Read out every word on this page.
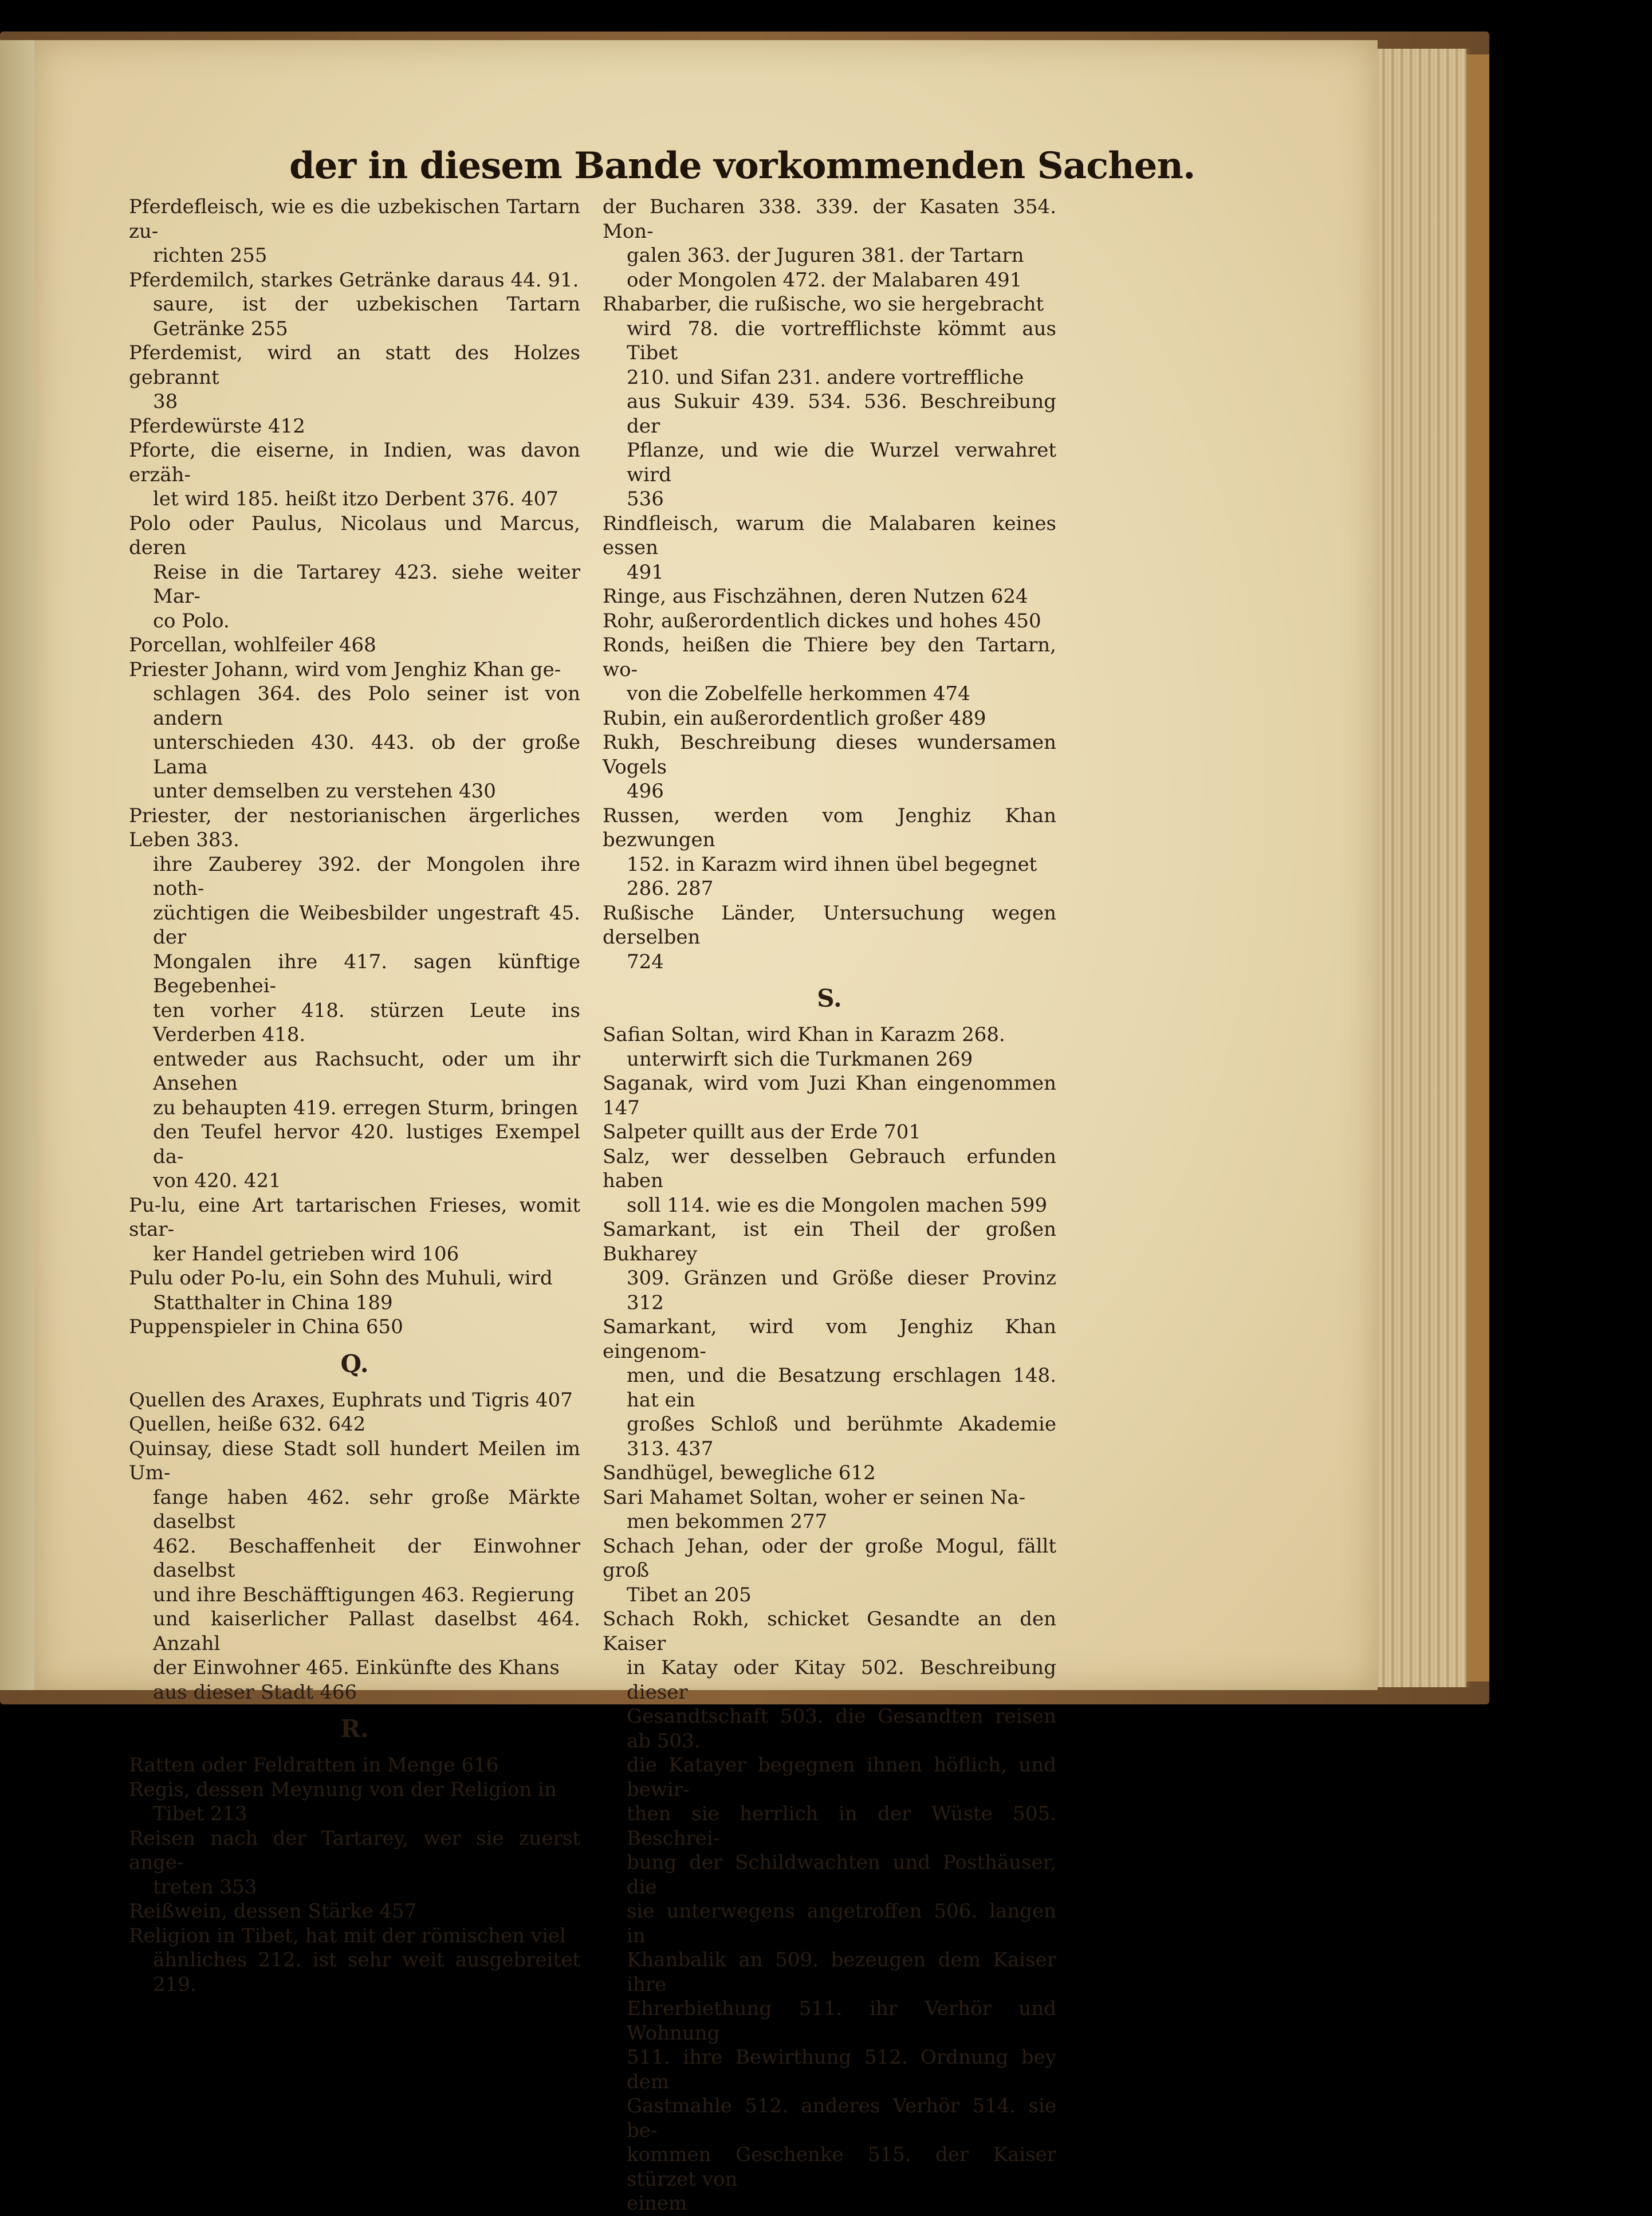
der in diesem Bande vorkommenden Sachen.

Pferdefleisch, wie es die uzbekischen Tartarn zu-

richten 255

Pferdemilch, starkes Getränke daraus 44. 91.

saure, ist der uzbekischen Tartarn Getränke 255

Pferdemist, wird an statt des Holzes gebrannt

38

Pferdewürste 412

Pforte, die eiserne, in Indien, was davon erzäh-

let wird 185. heißt itzo Derbent 376. 407

Polo oder Paulus, Nicolaus und Marcus, deren

Reise in die Tartarey 423. siehe weiter Mar-

co Polo.

Porcellan, wohlfeiler 468

Priester Johann, wird vom Jenghiz Khan ge-

schlagen 364. des Polo seiner ist von andern

unterschieden 430. 443. ob der große Lama

unter demselben zu verstehen 430

Priester, der nestorianischen ärgerliches Leben 383.

ihre Zauberey 392. der Mongolen ihre noth-

züchtigen die Weibesbilder ungestraft 45. der

Mongalen ihre 417. sagen künftige Begebenhei-

ten vorher 418. stürzen Leute ins Verderben 418.

entweder aus Rachsucht, oder um ihr Ansehen

zu behaupten 419. erregen Sturm, bringen

den Teufel hervor 420. lustiges Exempel da-

von 420. 421

Pu-lu, eine Art tartarischen Frieses, womit star-

ker Handel getrieben wird 106

Pulu oder Po-lu, ein Sohn des Muhuli, wird

Statthalter in China 189

Puppenspieler in China 650

Q.

Quellen des Araxes, Euphrats und Tigris 407

Quellen, heiße 632. 642

Quinsay, diese Stadt soll hundert Meilen im Um-

fange haben 462. sehr große Märkte daselbst

462. Beschaffenheit der Einwohner daselbst

und ihre Beschäfftigungen 463. Regierung

und kaiserlicher Pallast daselbst 464. Anzahl

der Einwohner 465. Einkünfte des Khans

aus dieser Stadt 466

R.

Ratten oder Feldratten in Menge 616

Regis, dessen Meynung von der Religion in

Tibet 213

Reisen nach der Tartarey, wer sie zuerst ange-

treten 353

Reißwein, dessen Stärke 457

Religion in Tibet, hat mit der römischen viel

ähnliches 212. ist sehr weit ausgebreitet 219.

der Bucharen 338. 339. der Kasaten 354. Mon-

galen 363. der Juguren 381. der Tartarn

oder Mongolen 472. der Malabaren 491

Rhabarber, die rußische, wo sie hergebracht

wird 78. die vortrefflichste kömmt aus Tibet

210. und Sifan 231. andere vortreffliche

aus Sukuir 439. 534. 536. Beschreibung der

Pflanze, und wie die Wurzel verwahret wird

536

Rindfleisch, warum die Malabaren keines essen

491

Ringe, aus Fischzähnen, deren Nutzen 624

Rohr, außerordentlich dickes und hohes 450

Ronds, heißen die Thiere bey den Tartarn, wo-

von die Zobelfelle herkommen 474

Rubin, ein außerordentlich großer 489

Rukh, Beschreibung dieses wundersamen Vogels

496

Russen, werden vom Jenghiz Khan bezwungen

152. in Karazm wird ihnen übel begegnet

286. 287

Rußische Länder, Untersuchung wegen derselben

724

S.

Safian Soltan, wird Khan in Karazm 268.

unterwirft sich die Turkmanen 269

Saganak, wird vom Juzi Khan eingenommen 147

Salpeter quillt aus der Erde 701

Salz, wer desselben Gebrauch erfunden haben

soll 114. wie es die Mongolen machen 599

Samarkant, ist ein Theil der großen Bukharey

309. Gränzen und Größe dieser Provinz 312

Samarkant, wird vom Jenghiz Khan eingenom-

men, und die Besatzung erschlagen 148. hat ein

großes Schloß und berühmte Akademie 313. 437

Sandhügel, bewegliche 612

Sari Mahamet Soltan, woher er seinen Na-

men bekommen 277

Schach Jehan, oder der große Mogul, fällt groß

Tibet an 205

Schach Rokh, schicket Gesandte an den Kaiser

in Katay oder Kitay 502. Beschreibung dieser

Gesandtschaft 503. die Gesandten reisen ab 503.

die Katayer begegnen ihnen höflich, und bewir-

then sie herrlich in der Wüste 505. Beschrei-

bung der Schildwachten und Posthäuser, die

sie unterwegens angetroffen 506. langen in

Khanbalik an 509. bezeugen dem Kaiser ihre

Ehrerbiethung 511. ihr Verhör und Wohnung

511. ihre Bewirthung 512. Ordnung bey dem

Gastmahle 512. anderes Verhör 514. sie be-

kommen Geschenke 515. der Kaiser stürzet von

einem
